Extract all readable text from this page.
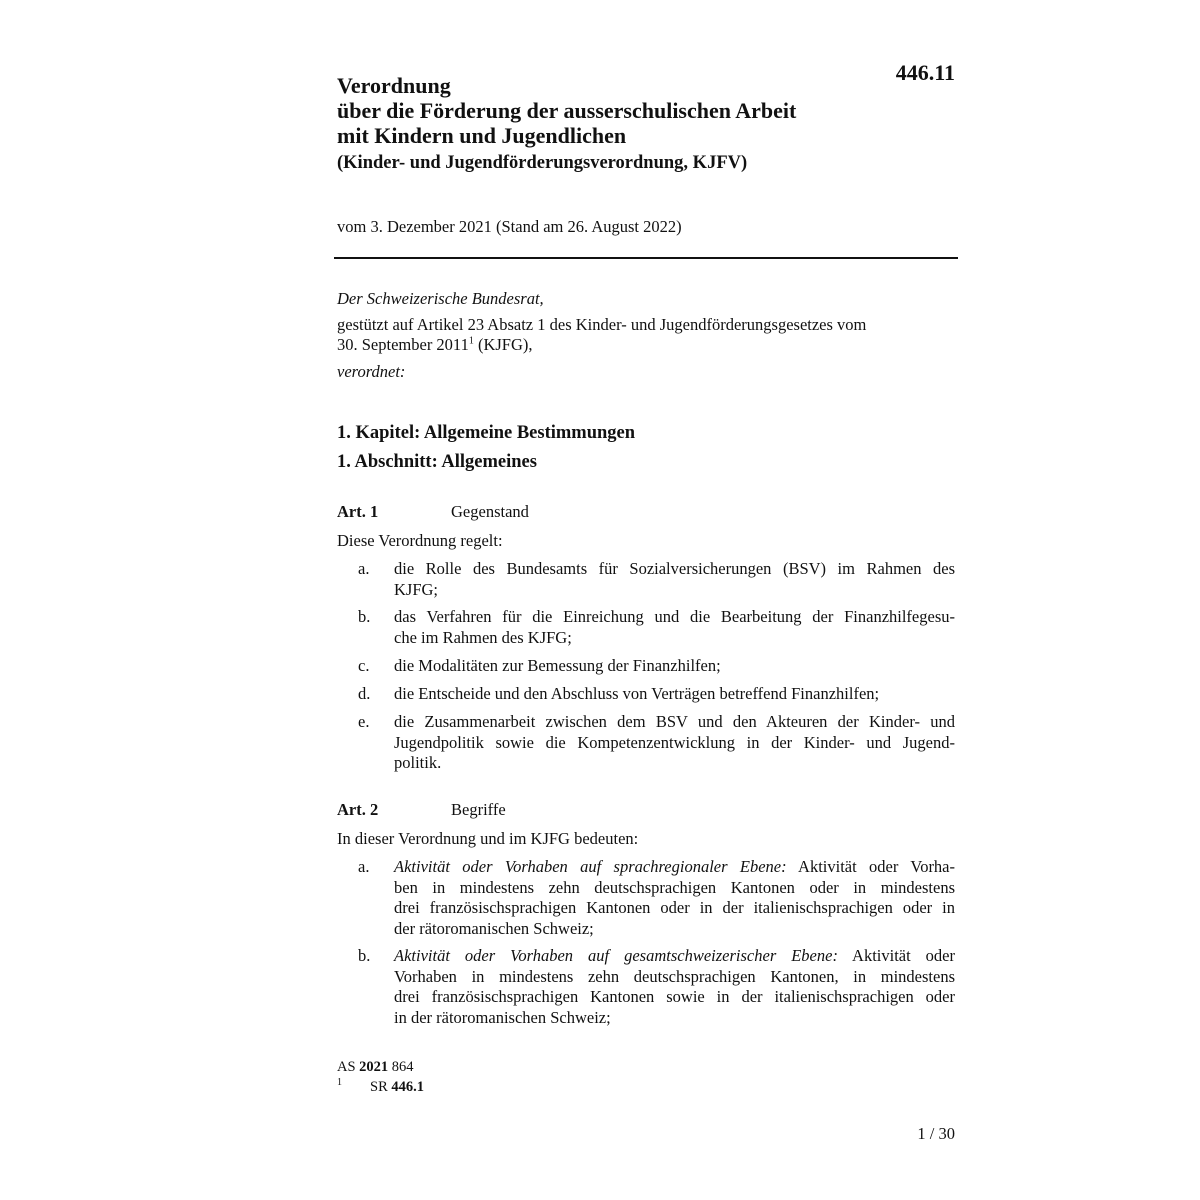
446.11
Verordnung
über die Förderung der ausserschulischen Arbeit
mit Kindern und Jugendlichen
(Kinder- und Jugendförderungsverordnung, KJFV)
vom 3. Dezember 2021 (Stand am 26. August 2022)
Der Schweizerische Bundesrat,
gestützt auf Artikel 23 Absatz 1 des Kinder- und Jugendförderungsgesetzes vom
30. September 2011$^1$ (KJFG),
verordnet:
1. Kapitel: Allgemeine Bestimmungen
1. Abschnitt: Allgemeines
Art. 1	Gegenstand
Diese Verordnung regelt:
a. die Rolle des Bundesamts für Sozialversicherungen (BSV) im Rahmen des
KJFG;
b. das Verfahren für die Einreichung und die Bearbeitung der Finanzhilfegesu-
che im Rahmen des KJFG;
c. die Modalitäten zur Bemessung der Finanzhilfen;
d. die Entscheide und den Abschluss von Verträgen betreffend Finanzhilfen;
e. die Zusammenarbeit zwischen dem BSV und den Akteuren der Kinder- und
Jugendpolitik sowie die Kompetenzentwicklung in der Kinder- und Jugend-
politik.
Art. 2	Begriffe
In dieser Verordnung und im KJFG bedeuten:
a. Aktivität oder Vorhaben auf sprachregionaler Ebene: Aktivität oder Vorha-
ben in mindestens zehn deutschsprachigen Kantonen oder in mindestens
drei französischsprachigen Kantonen oder in der italienischsprachigen oder in
der rätoromanischen Schweiz;
b. Aktivität oder Vorhaben auf gesamtschweizerischer Ebene: Aktivität oder
Vorhaben in mindestens zehn deutschsprachigen Kantonen, in mindestens
drei französischsprachigen Kantonen sowie in der italienischsprachigen oder
in der rätoromanischen Schweiz;
AS 2021 864
$^1$ SR 446.1
1 / 30
